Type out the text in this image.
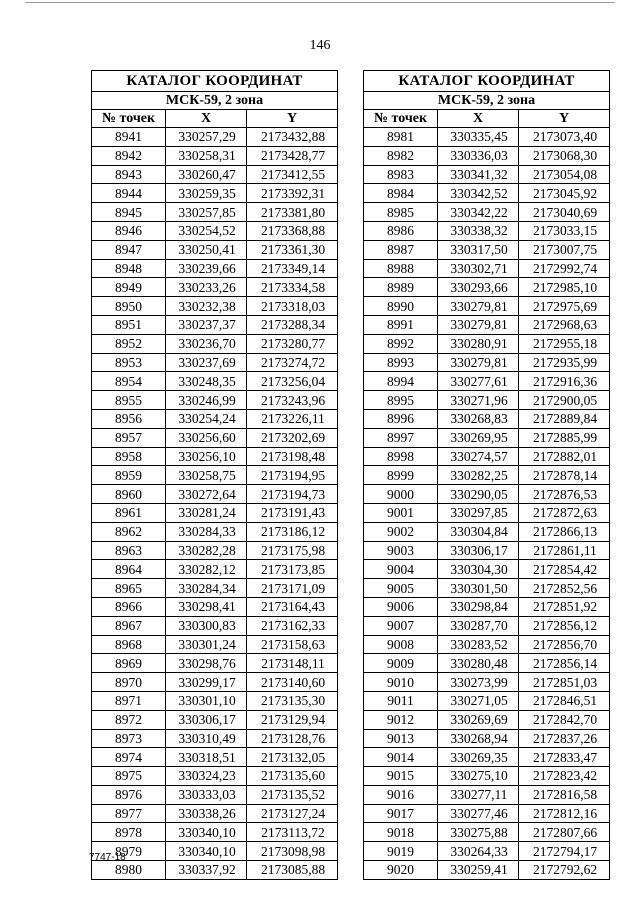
146
КАТАЛОГ КООРДИНАТ		
МСК-59, 2 зона		
№ точек	X	Y
8941	330257,29	2173432,88
8942	330258,31	2173428,77
8943	330260,47	2173412,55
8944	330259,35	2173392,31
8945	330257,85	2173381,80
8946	330254,52	2173368,88
8947	330250,41	2173361,30
8948	330239,66	2173349,14
8949	330233,26	2173334,58
8950	330232,38	2173318,03
8951	330237,37	2173288,34
8952	330236,70	2173280,77
8953	330237,69	2173274,72
8954	330248,35	2173256,04
8955	330246,99	2173243,96
8956	330254,24	2173226,11
8957	330256,60	2173202,69
8958	330256,10	2173198,48
8959	330258,75	2173194,95
8960	330272,64	2173194,73
8961	330281,24	2173191,43
8962	330284,33	2173186,12
8963	330282,28	2173175,98
8964	330282,12	2173173,85
8965	330284,34	2173171,09
8966	330298,41	2173164,43
8967	330300,83	2173162,33
8968	330301,24	2173158,63
8969	330298,76	2173148,11
8970	330299,17	2173140,60
8971	330301,10	2173135,30
8972	330306,17	2173129,94
8973	330310,49	2173128,76
8974	330318,51	2173132,05
8975	330324,23	2173135,60
8976	330333,03	2173135,52
8977	330338,26	2173127,24
8978	330340,10	2173113,72
8979	330340,10	2173098,98
8980	330337,92	2173085,88
КАТАЛОГ КООРДИНАТ		
МСК-59, 2 зона		
№ точек	X	Y
8981	330335,45	2173073,40
8982	330336,03	2173068,30
8983	330341,32	2173054,08
8984	330342,52	2173045,92
8985	330342,22	2173040,69
8986	330338,32	2173033,15
8987	330317,50	2173007,75
8988	330302,71	2172992,74
8989	330293,66	2172985,10
8990	330279,81	2172975,69
8991	330279,81	2172968,63
8992	330280,91	2172955,18
8993	330279,81	2172935,99
8994	330277,61	2172916,36
8995	330271,96	2172900,05
8996	330268,83	2172889,84
8997	330269,95	2172885,99
8998	330274,57	2172882,01
8999	330282,25	2172878,14
9000	330290,05	2172876,53
9001	330297,85	2172872,63
9002	330304,84	2172866,13
9003	330306,17	2172861,11
9004	330304,30	2172854,42
9005	330301,50	2172852,56
9006	330298,84	2172851,92
9007	330287,70	2172856,12
9008	330283,52	2172856,70
9009	330280,48	2172856,14
9010	330273,99	2172851,03
9011	330271,05	2172846,51
9012	330269,69	2172842,70
9013	330268,94	2172837,26
9014	330269,35	2172833,47
9015	330275,10	2172823,42
9016	330277,11	2172816,58
9017	330277,46	2172812,16
9018	330275,88	2172807,66
9019	330264,33	2172794,17
9020	330259,41	2172792,62
7747-18
